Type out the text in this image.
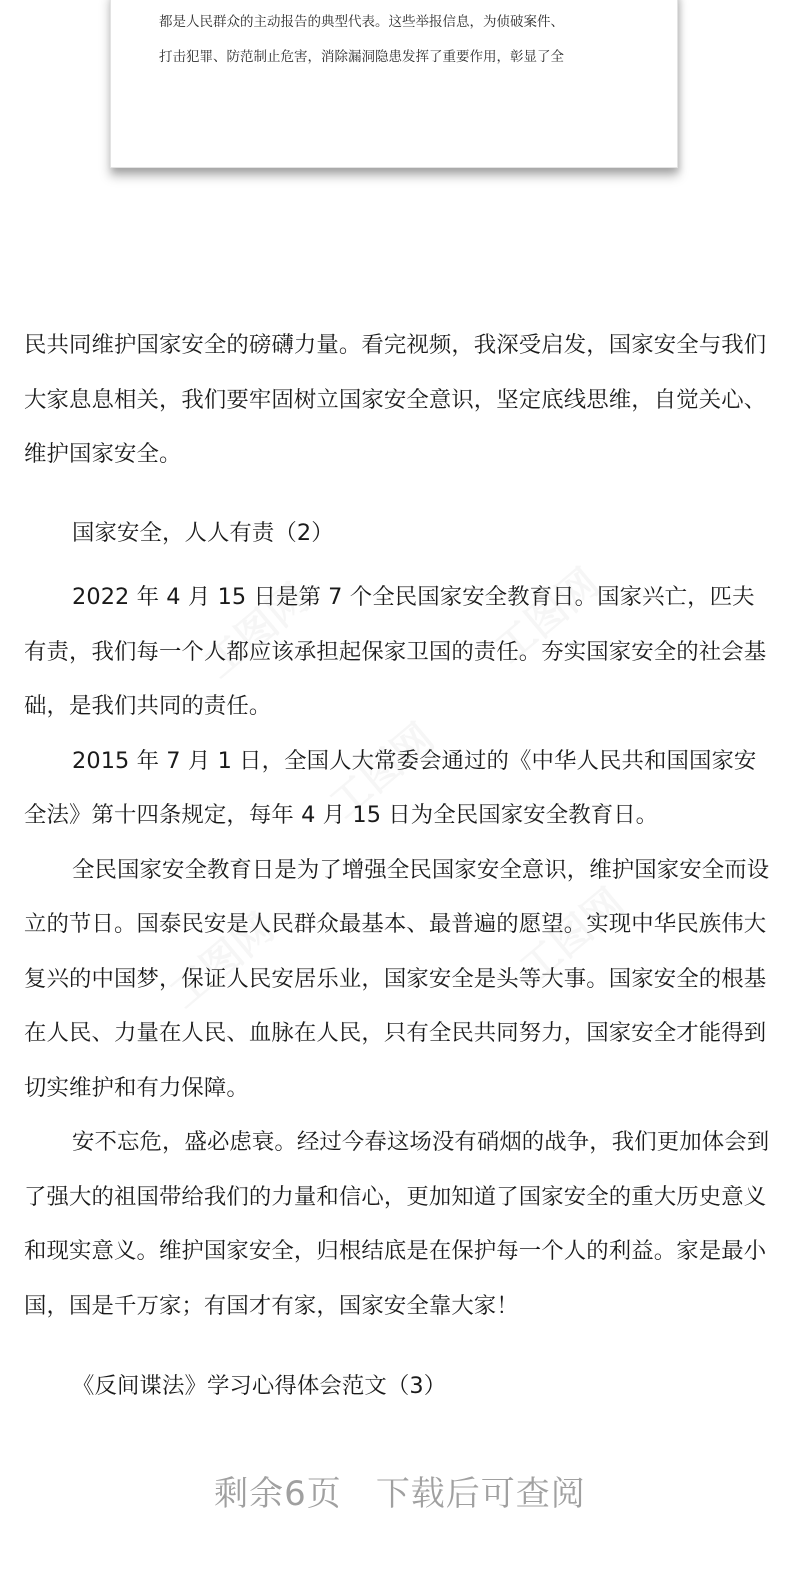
都是人民群众的主动报告的典型代表。这些举报信息，为侦破案件、

打击犯罪、防范制止危害，消除漏洞隐患发挥了重要作用，彰显了全

民共同维护国家安全的磅礴力量。看完视频，我深受启发，国家安全与我们大家息息相关，我们要牢固树立国家安全意识，坚定底线思维，自觉关心、维护国家安全。

国家安全，人人有责（2）

2022 年 4 月 15 日是第 7 个全民国家安全教育日。国家兴亡，匹夫有责，我们每一个人都应该承担起保家卫国的责任。夯实国家安全的社会基础，是我们共同的责任。

2015 年 7 月 1 日，全国人大常委会通过的《中华人民共和国国家安全法》第十四条规定，每年 4 月 15 日为全民国家安全教育日。

全民国家安全教育日是为了增强全民国家安全意识，维护国家安全而设立的节日。国泰民安是人民群众最基本、最普遍的愿望。实现中华民族伟大复兴的中国梦，保证人民安居乐业，国家安全是头等大事。国家安全的根基在人民、力量在人民、血脉在人民，只有全民共同努力，国家安全才能得到切实维护和有力保障。

安不忘危，盛必虑衰。经过今春这场没有硝烟的战争，我们更加体会到了强大的祖国带给我们的力量和信心，更加知道了国家安全的重大历史意义和现实意义。维护国家安全，归根结底是在保护每一个人的利益。家是最小国，国是千万家；有国才有家，国家安全靠大家！

《反间谍法》学习心得体会范文（3）

剩余6页 下载后可查阅
